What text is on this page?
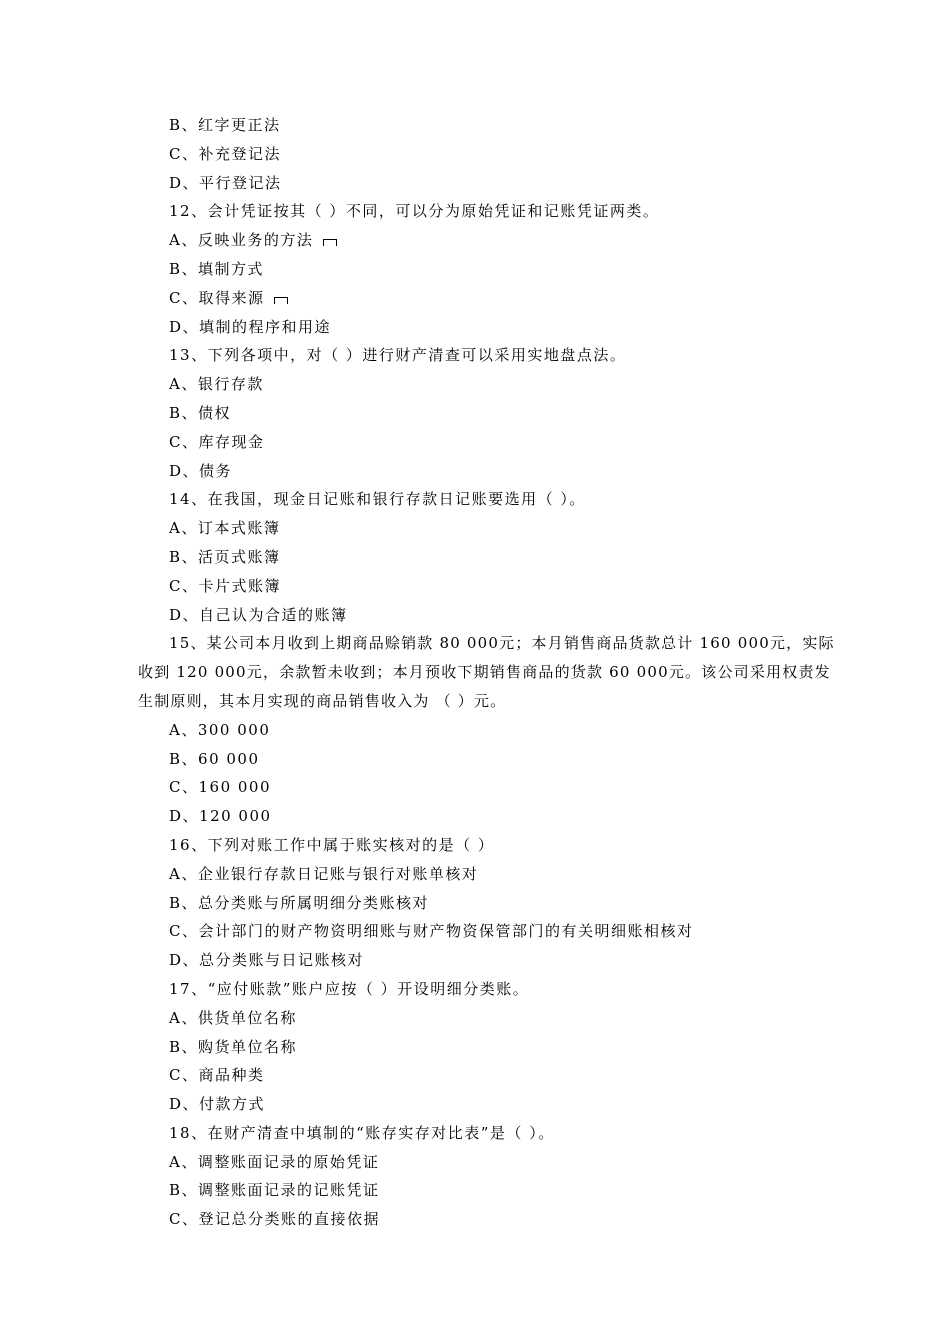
B、红字更正法
C、补充登记法
D、平行登记法
12、会计凭证按其（ ）不同，可以分为原始凭证和记账凭证两类。
A、反映业务的方法
B、填制方式
C、取得来源
D、填制的程序和用途
13、下列各项中，对（ ）进行财产清查可以采用实地盘点法。
A、银行存款
B、债权
C、库存现金
D、债务
14、在我国，现金日记账和银行存款日记账要选用（ ）。
A、订本式账簿
B、活页式账簿
C、卡片式账簿
D、自己认为合适的账簿
15、某公司本月收到上期商品赊销款 80 000元；本月销售商品货款总计 160 000元，实际
收到 120 000元，余款暂未收到；本月预收下期销售商品的货款 60 000元。该公司采用权责发
生制原则，其本月实现的商品销售收入为 （ ）元。
A、300 000
B、60 000
C、160 000
D、120 000
16、下列对账工作中属于账实核对的是（ ）
A、企业银行存款日记账与银行对账单核对
B、总分类账与所属明细分类账核对
C、会计部门的财产物资明细账与财产物资保管部门的有关明细账相核对
D、总分类账与日记账核对
17、“应付账款”账户应按（ ）开设明细分类账。
A、供货单位名称
B、购货单位名称
C、商品种类
D、付款方式
18、在财产清查中填制的“账存实存对比表”是（ ）。
A、调整账面记录的原始凭证
B、调整账面记录的记账凭证
C、登记总分类账的直接依据
